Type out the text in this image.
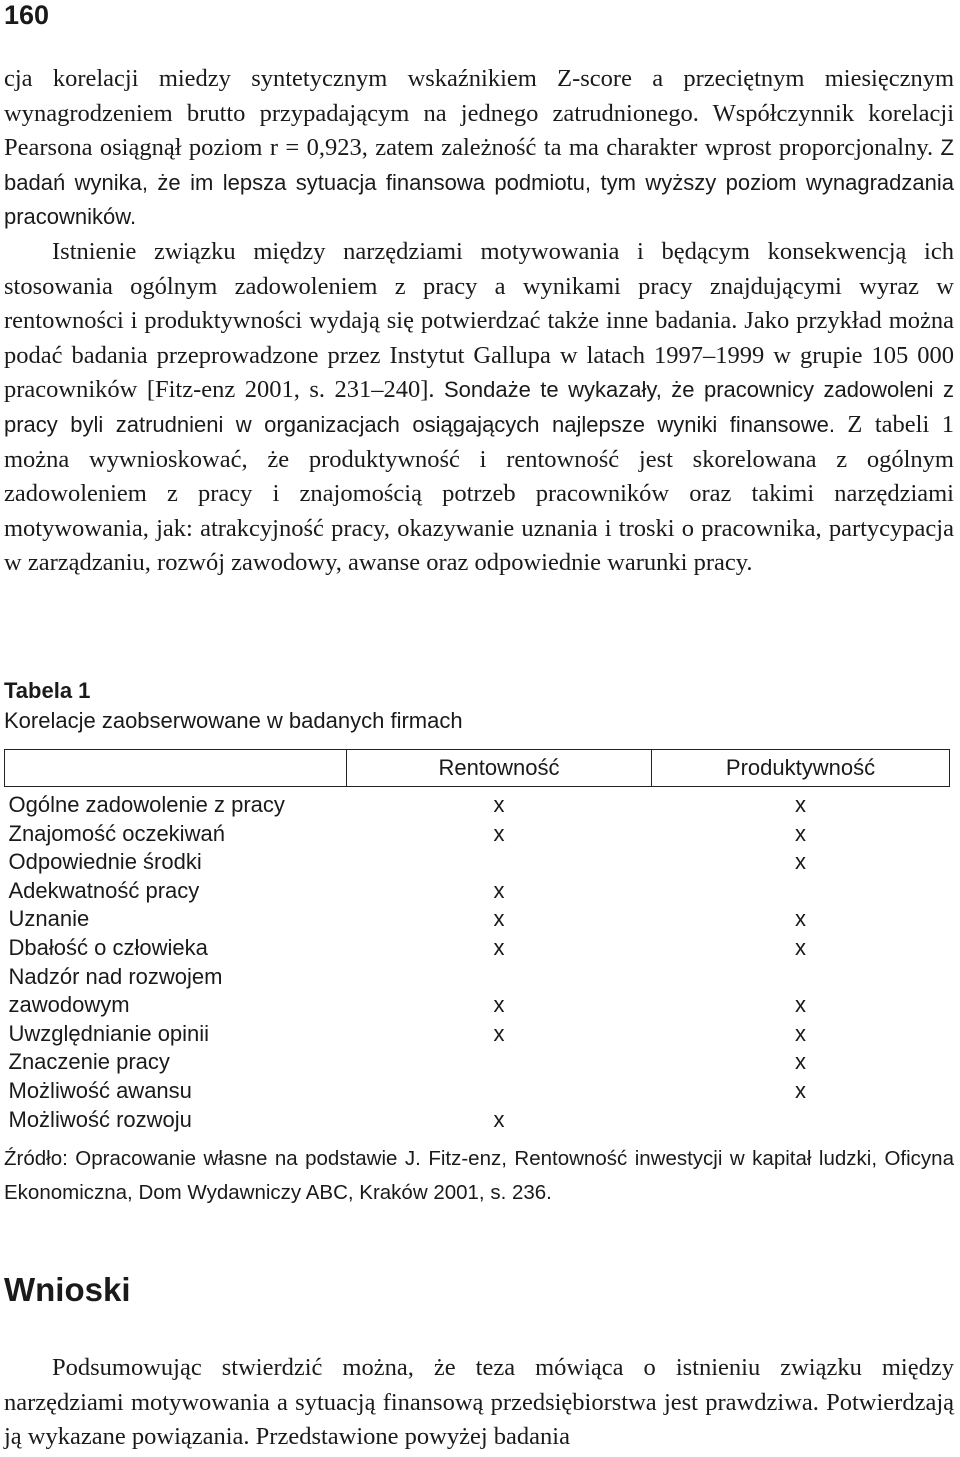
160

cja korelacji miedzy syntetycznym wskaźnikiem Z-score a przeciętnym miesięcznym wynagrodzeniem brutto przypadającym na jednego zatrudnionego. Współczynnik korelacji Pearsona osiągnął poziom r = 0,923, zatem zależność ta ma charakter wprost proporcjonalny. Z badań wynika, że im lepsza sytuacja finansowa podmiotu, tym wyższy poziom wynagradzania pracowników.

Istnienie związku między narzędziami motywowania i będącym konsekwencją ich stosowania ogólnym zadowoleniem z pracy a wynikami pracy znajdującymi wyraz w rentowności i produktywności wydają się potwierdzać także inne badania. Jako przykład można podać badania przeprowadzone przez Instytut Gallupa w latach 1997–1999 w grupie 105 000 pracowników [Fitz-enz 2001, s. 231–240]. Sondaże te wykazały, że pracownicy zadowoleni z pracy byli zatrudnieni w organizacjach osiągających najlepsze wyniki finansowe. Z tabeli 1 można wywnioskować, że produktywność i rentowność jest skorelowana z ogólnym zadowoleniem z pracy i znajomością potrzeb pracowników oraz takimi narzędziami motywowania, jak: atrakcyjność pracy, okazywanie uznania i troski o pracownika, partycypacja w zarządzaniu, rozwój zawodowy, awanse oraz odpowiednie warunki pracy.

Tabela 1
Korelacje zaobserwowane w badanych firmach
	Rentowność	Produktywność
Ogólne zadowolenie z pracy	x	x
Znajomość oczekiwań	x	x
Odpowiednie środki		x
Adekwatność pracy	x	
Uznanie	x	x
Dbałość o człowieka	x	x
Nadzór nad rozwojem zawodowym	x	x
Uwzględnianie opinii	x	x
Znaczenie pracy		x
Możliwość awansu		x
Możliwość rozwoju	x	
Źródło: Opracowanie własne na podstawie J. Fitz-enz, Rentowność inwestycji w kapitał ludzki, Oficyna Ekonomiczna, Dom Wydawniczy ABC, Kraków 2001, s. 236.
Wnioski

Podsumowując stwierdzić można, że teza mówiąca o istnieniu związku między narzędziami motywowania a sytuacją finansową przedsiębiorstwa jest prawdziwa. Potwierdzają ją wykazane powiązania. Przedstawione powyżej badania
